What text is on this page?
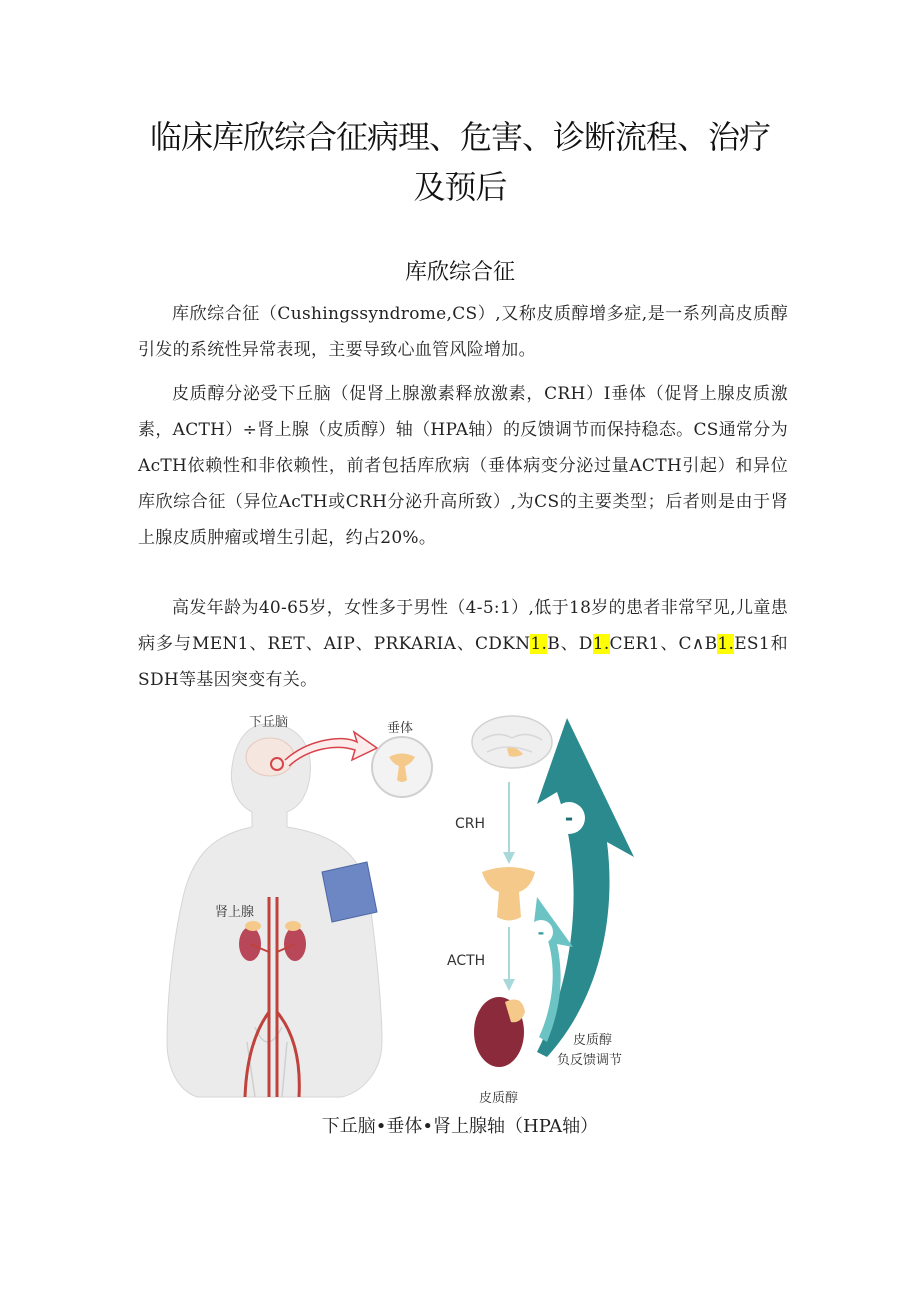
临床库欣综合征病理、危害、诊断流程、治疗及预后
库欣综合征

库欣综合征（Cushingssyndrome,CS）,又称皮质醇增多症,是一系列高皮质醇引发的系统性异常表现，主要导致心血管风险增加。

皮质醇分泌受下丘脑（促肾上腺激素释放激素，CRH）I垂体（促肾上腺皮质激素，ACTH）÷肾上腺（皮质醇）轴（HPA轴）的反馈调节而保持稳态。CS通常分为AcTH依赖性和非依赖性，前者包括库欣病（垂体病变分泌过量ACTH引起）和异位库欣综合征（异位AcTH或CRH分泌升高所致）,为CS的主要类型；后者则是由于肾上腺皮质肿瘤或增生引起，约占20%。

高发年龄为40-65岁，女性多于男性（4-5:1）,低于18岁的患者非常罕见,儿童患病多与MEN1、RET、AIP、PRKARIA、CDKN1.B、D1.CER1、C∧B1.ES1和SDH等基因突变有关。

下丘脑	垂体
肾上腺
CRH
ACTH
皮质醇
-
-
皮质醇
负反馈调节
下丘脑•垂体•肾上腺轴（HPA轴）
